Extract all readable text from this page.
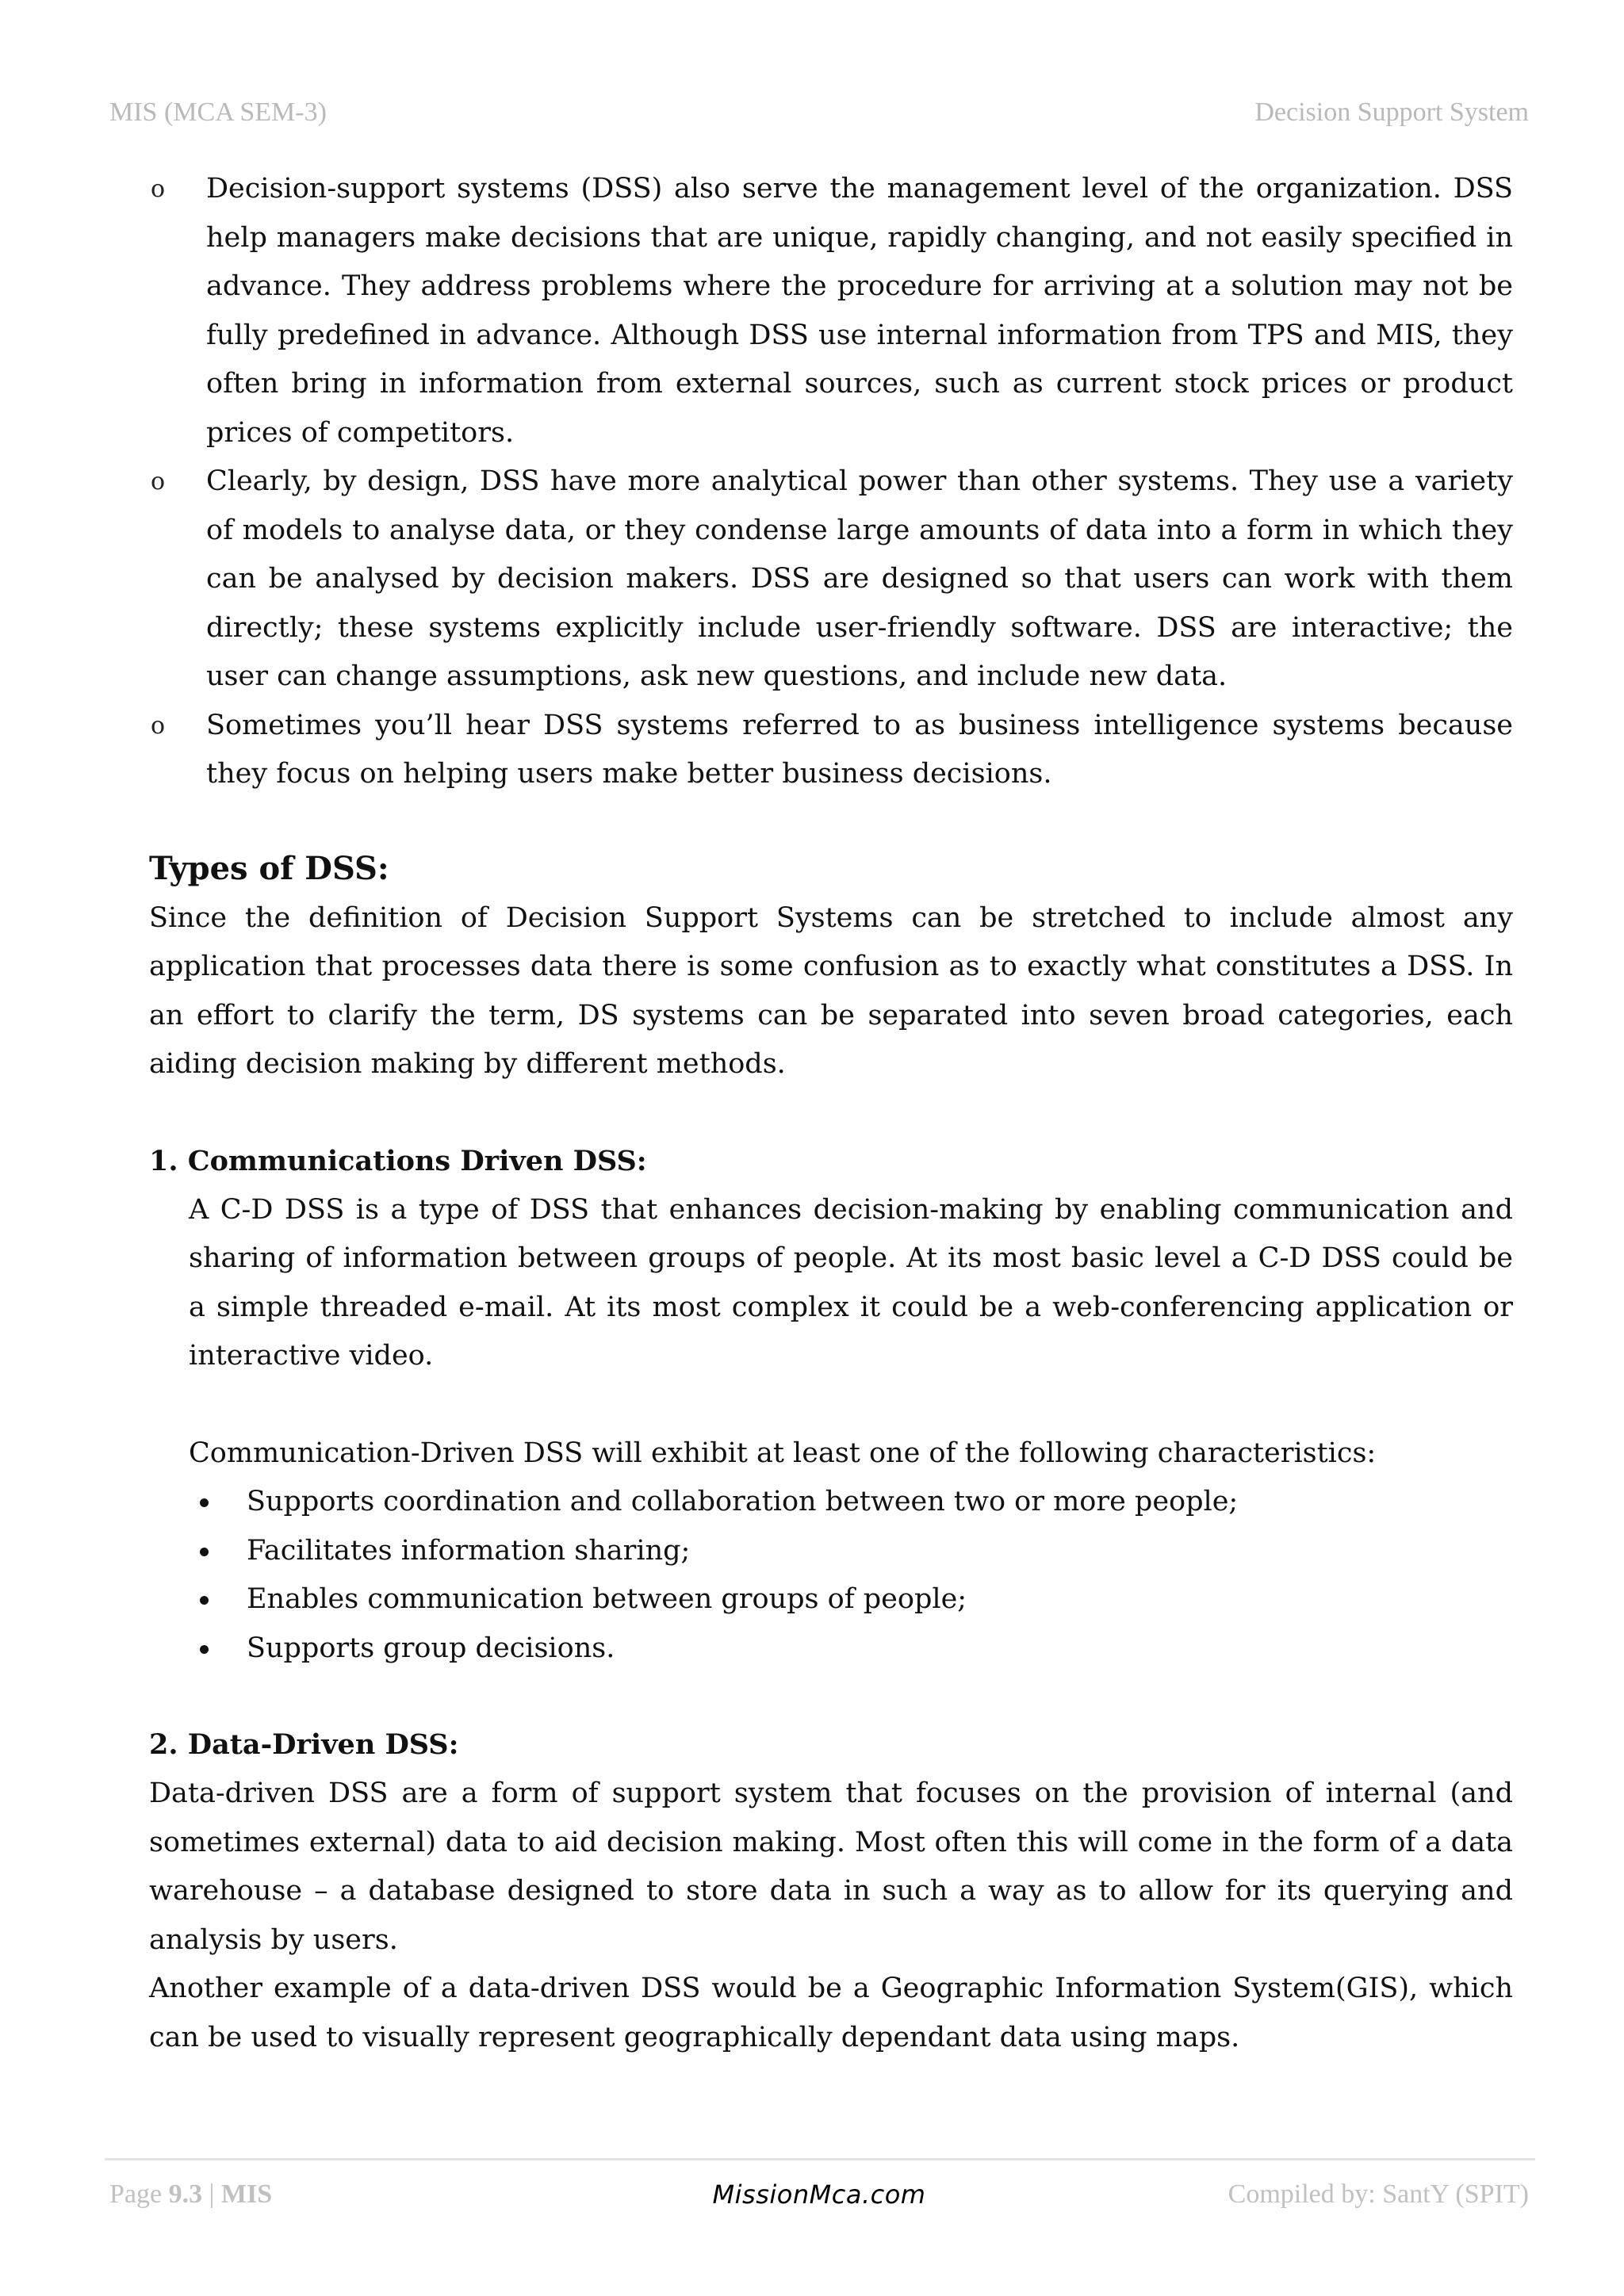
MIS (MCA SEM-3)	Decision Support System
o Decision-support systems (DSS) also serve the management level of the organization. DSS help managers make decisions that are unique, rapidly changing, and not easily specified in advance. They address problems where the procedure for arriving at a solution may not be fully predefined in advance. Although DSS use internal information from TPS and MIS, they often bring in information from external sources, such as current stock prices or product prices of competitors.
o Clearly, by design, DSS have more analytical power than other systems. They use a variety of models to analyse data, or they condense large amounts of data into a form in which they can be analysed by decision makers. DSS are designed so that users can work with them directly; these systems explicitly include user-friendly software. DSS are interactive; the user can change assumptions, ask new questions, and include new data.
o Sometimes you’ll hear DSS systems referred to as business intelligence systems because they focus on helping users make better business decisions.
Types of DSS:

Since the definition of Decision Support Systems can be stretched to include almost any application that processes data there is some confusion as to exactly what constitutes a DSS. In an effort to clarify the term, DS systems can be separated into seven broad categories, each aiding decision making by different methods.

1. Communications Driven DSS:

A C-D DSS is a type of DSS that enhances decision-making by enabling communication and sharing of information between groups of people. At its most basic level a C-D DSS could be a simple threaded e-mail. At its most complex it could be a web-conferencing application or interactive video.

Communication-Driven DSS will exhibit at least one of the following characteristics:

Supports coordination and collaboration between two or more people;
Facilitates information sharing;
Enables communication between groups of people;
Supports group decisions.
2. Data-Driven DSS:

Data-driven DSS are a form of support system that focuses on the provision of internal (and sometimes external) data to aid decision making. Most often this will come in the form of a data warehouse – a database designed to store data in such a way as to allow for its querying and analysis by users.

Another example of a data-driven DSS would be a Geographic Information System(GIS), which can be used to visually represent geographically dependant data using maps.

Page 9.3 | MIS	MissionMca.com	Compiled by: SantY (SPIT)
